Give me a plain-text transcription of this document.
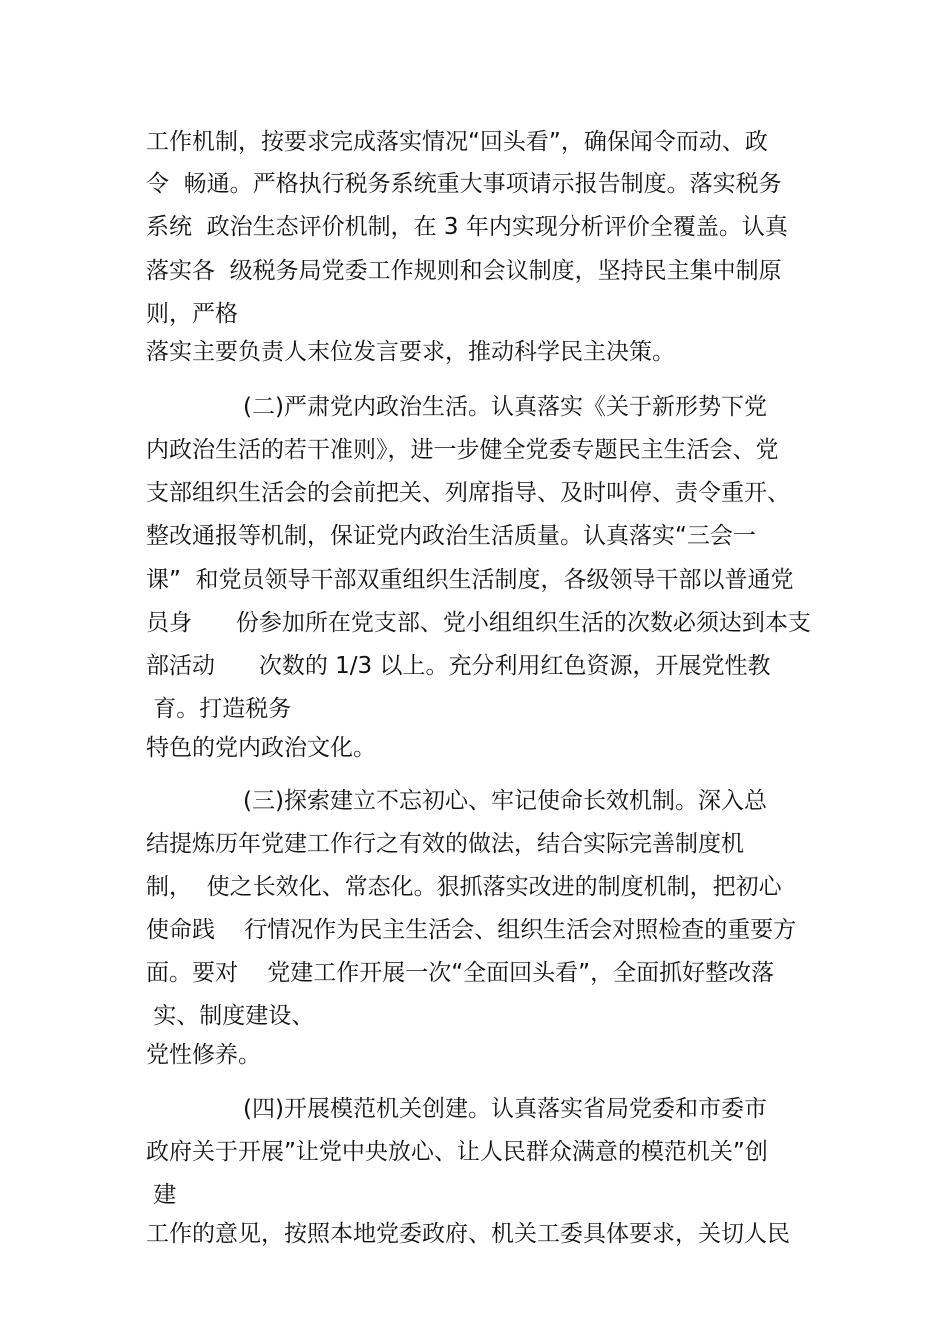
工作机制，按要求完成落实情况“回头看”，确保闻令而动、政
令  畅通。严格执行税务系统重大事项请示报告制度。落实税务
系统  政治生态评价机制，在 3 年内实现分析评价全覆盖。认真
落实各  级税务局党委工作规则和会议制度，坚持民主集中制原
则，严格
落实主要负责人末位发言要求，推动科学民主决策。
(二)严肃党内政治生活。认真落实《关于新形势下党
内政治生活的若干准则》，进一步健全党委专题民主生活会、党
支部组织生活会的会前把关、列席指导、及时叫停、责令重开、
整改通报等机制，保证党内政治生活质量。认真落实“三会一
课”  和党员领导干部双重组织生活制度，各级领导干部以普通党
员身      份参加所在党支部、党小组组织生活的次数必须达到本支
部活动      次数的 1/3 以上。充分利用红色资源，开展党性教
育。打造税务
特色的党内政治文化。
(三)探索建立不忘初心、牢记使命长效机制。深入总
结提炼历年党建工作行之有效的做法，结合实际完善制度机
制，  使之长效化、常态化。狠抓落实改进的制度机制，把初心
使命践    行情况作为民主生活会、组织生活会对照检查的重要方
面。要对    党建工作开展一次“全面回头看”，全面抓好整改落
实、制度建设、
党性修养。
(四)开展模范机关创建。认真落实省局党委和市委市
政府关于开展”让党中央放心、让人民群众满意的模范机关”创
建
工作的意见，按照本地党委政府、机关工委具体要求，关切人民
